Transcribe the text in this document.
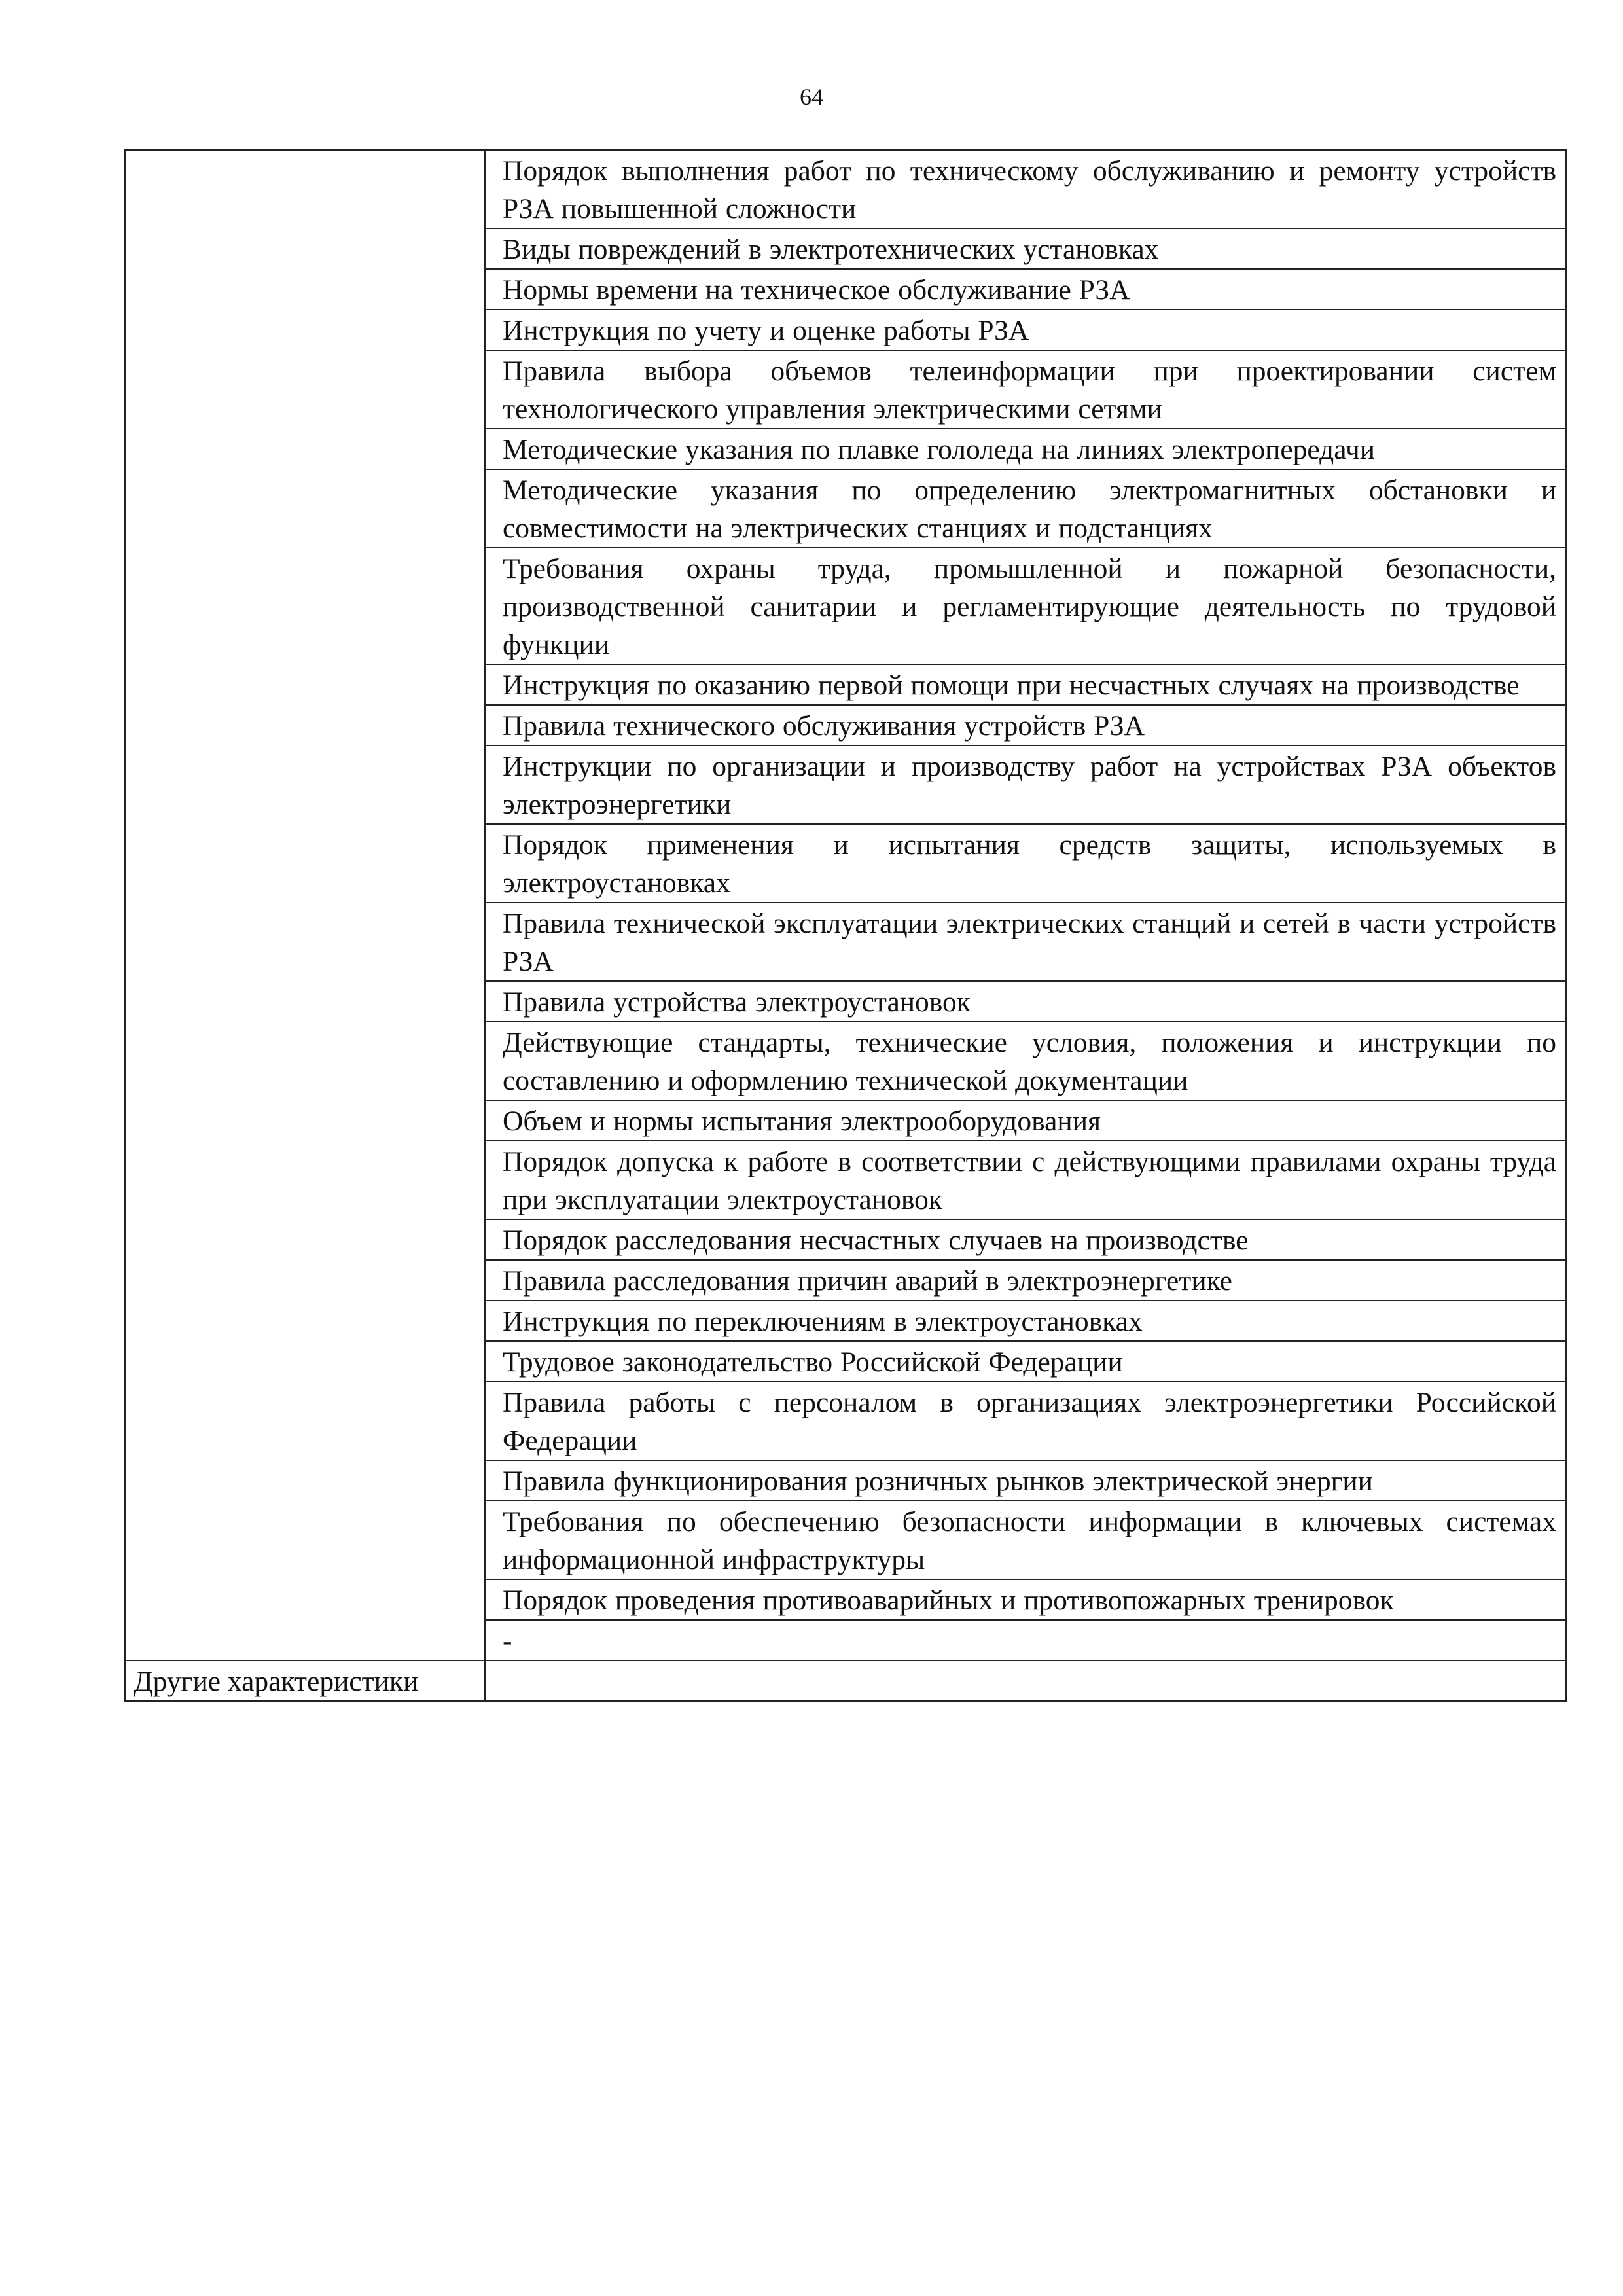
64

	Порядок выполнения работ по техническому обслуживанию и ремонту устройств РЗА повышенной сложности

	Виды повреждений в электротехнических установках

	Нормы времени на техническое обслуживание РЗА

	Инструкция по учету и оценке работы РЗА

	Правила выбора объемов телеинформации при проектировании систем технологического управления электрическими сетями

	Методические указания по плавке гололеда на линиях электропередачи

	Методические указания по определению электромагнитных обстановки и совместимости на электрических станциях и подстанциях

	Требования охраны труда, промышленной и пожарной безопасности, производственной санитарии и регламентирующие деятельность по трудовой функции

	Инструкция по оказанию первой помощи при несчастных случаях на производстве

	Правила технического обслуживания устройств РЗА

	Инструкции по организации и производству работ на устройствах РЗА объектов электроэнергетики

	Порядок применения и испытания средств защиты, используемых в электроустановках

	Правила технической эксплуатации электрических станций и сетей в части устройств РЗА

	Правила устройства электроустановок

	Действующие стандарты, технические условия, положения и инструкции по составлению и оформлению технической документации

	Объем и нормы испытания электрооборудования

	Порядок допуска к работе в соответствии с действующими правилами охраны труда при эксплуатации электроустановок

	Порядок расследования несчастных случаев на производстве

	Правила расследования причин аварий в электроэнергетике

	Инструкция по переключениям в электроустановках

	Трудовое законодательство Российской Федерации

	Правила работы с персоналом в организациях электроэнергетики Российской Федерации

	Правила функционирования розничных рынков электрической энергии

	Требования по обеспечению безопасности информации в ключевых системах информационной инфраструктуры

	Порядок проведения противоаварийных и противопожарных тренировок

	-

Другие характеристики	
